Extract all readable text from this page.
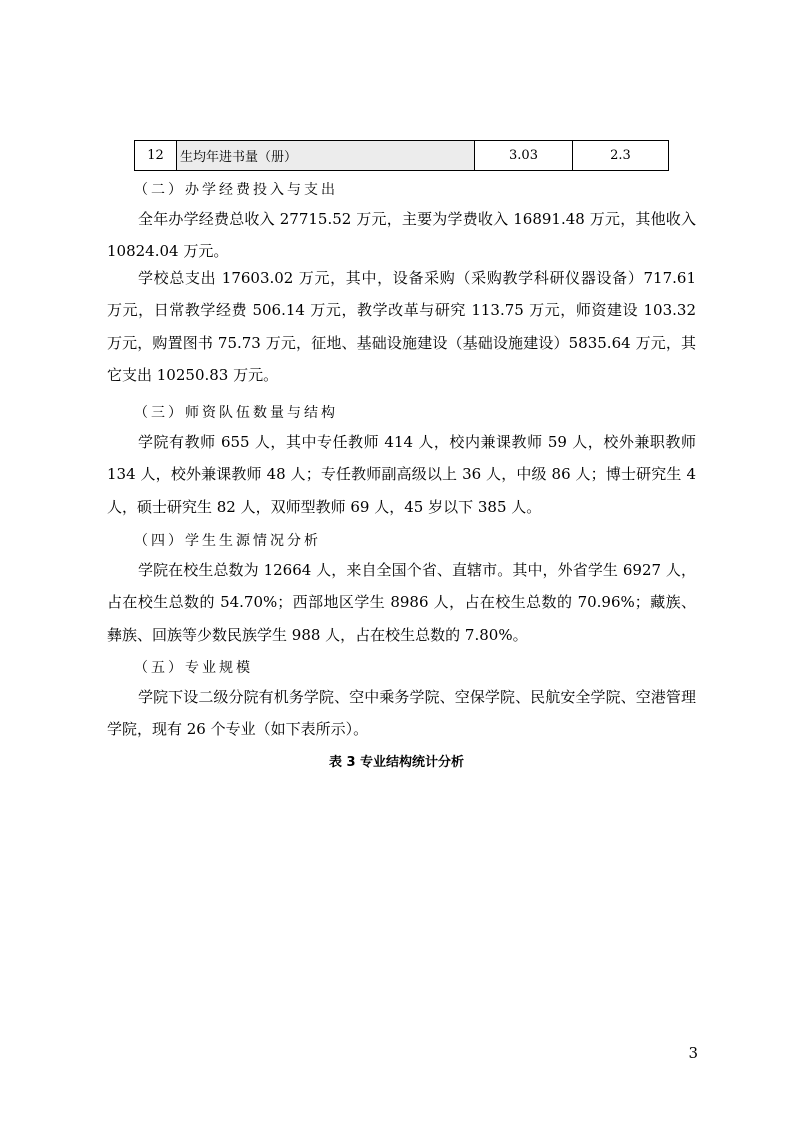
12	生均年进书量（册）	3.03	2.3
（二）办学经费投入与支出

全年办学经费总收入 27715.52 万元，主要为学费收入 16891.48 万元，其他收入 10824.04 万元。

学校总支出 17603.02 万元，其中，设备采购（采购教学科研仪器设备）717.61 万元，日常教学经费 506.14 万元，教学改革与研究 113.75 万元，师资建设 103.32 万元，购置图书 75.73 万元，征地、基础设施建设（基础设施建设）5835.64 万元，其它支出 10250.83 万元。

（三）师资队伍数量与结构

学院有教师 655 人，其中专任教师 414 人，校内兼课教师 59 人，校外兼职教师 134 人，校外兼课教师 48 人；专任教师副高级以上 36 人，中级 86 人；博士研究生 4 人，硕士研究生 82 人，双师型教师 69 人，45 岁以下 385 人。

（四）学生生源情况分析

学院在校生总数为 12664 人，来自全国个省、直辖市。其中，外省学生 6927 人，占在校生总数的 54.70%；西部地区学生 8986 人，占在校生总数的 70.96%；藏族、彝族、回族等少数民族学生 988 人，占在校生总数的 7.80%。

（五）专业规模

学院下设二级分院有机务学院、空中乘务学院、空保学院、民航安全学院、空港管理学院，现有 26 个专业（如下表所示）。

表 3 专业结构统计分析
3
